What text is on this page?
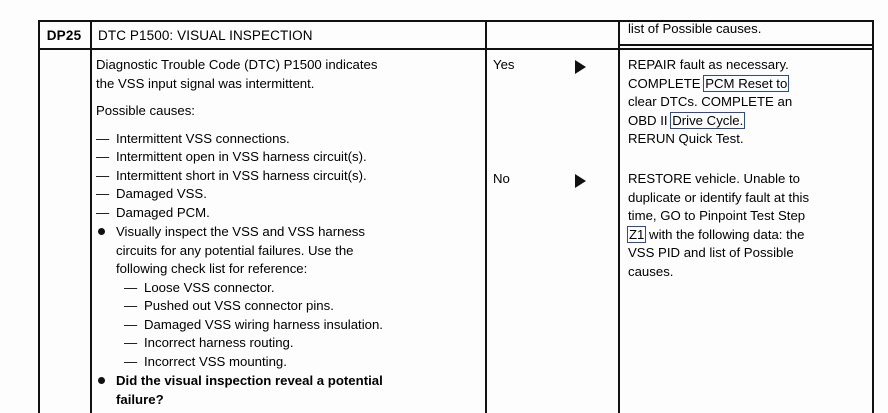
DP25	DTC P1500: VISUAL INSPECTION
Diagnostic Trouble Code (DTC) P1500 indicates
the VSS input signal was intermittent.
Possible causes:
— Intermittent VSS connections.
— Intermittent open in VSS harness circuit(s).
— Intermittent short in VSS harness circuit(s).
— Damaged VSS.
— Damaged PCM.
Visually inspect the VSS and VSS harness
circuits for any potential failures. Use the
following check list for reference:
— Loose VSS connector.
— Pushed out VSS connector pins.
— Damaged VSS wiring harness insulation.
— Incorrect harness routing.
— Incorrect VSS mounting.
Did the visual inspection reveal a potential
failure?
Yes
No
list of Possible causes.
REPAIR fault as necessary.
COMPLETE PCM Reset to
clear DTCs. COMPLETE an
OBD II Drive Cycle.
RERUN Quick Test.
RESTORE vehicle. Unable to
duplicate or identify fault at this
time, GO to Pinpoint Test Step
Z1 with the following data: the
VSS PID and list of Possible
causes.
